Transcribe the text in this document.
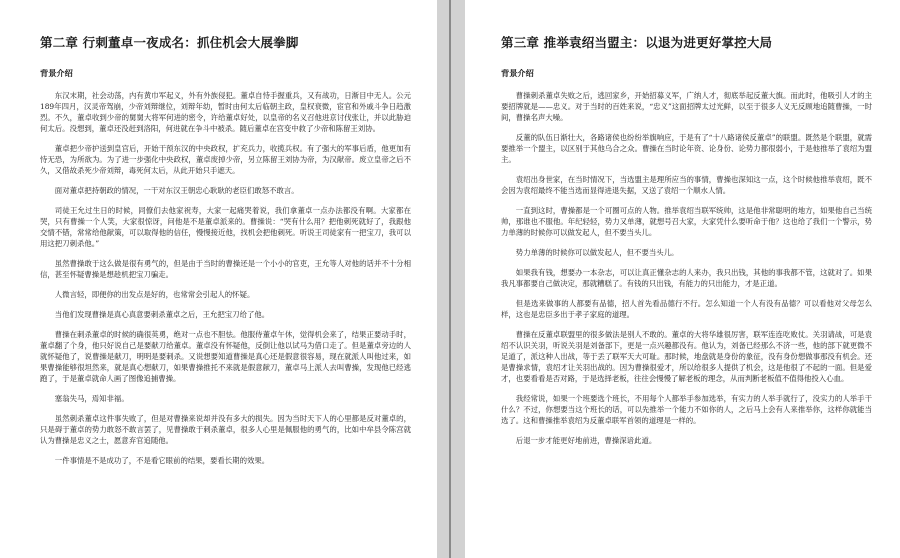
第二章 行刺董卓一夜成名：抓住机会大展拳脚
背景介绍

东汉末期，社会动荡，内有黄巾军起义，外有外族侵犯。董卓自恃手握重兵，又有战功，日渐目中无人。公元189年四月，汉灵帝驾崩，少帝刘辩继位，刘辩年幼，暂时由何太后临朝主政，皇权衰微，宦官和外戚斗争日趋激烈。不久，董卓收到少帝的舅舅大将军何进的密令，许给董卓好处，以皇帝的名义召他进京讨伐张让，并以此胁迫何太后。没想到，董卓还没赶到洛阳，何进就在争斗中被杀。随后董卓在宫变中救了少帝和陈留王刘协。

董卓把少帝护送到皇宫后，开始干预东汉的中央政权，扩充兵力，收揽兵权。有了强大的军事后盾，他更加有恃无恐，为所欲为。为了进一步强化中央政权，董卓废掉少帝，另立陈留王刘协为帝，为汉献帝。废立皇帝之后不久，又借故杀死少帝刘辩，毒死何太后，从此开始只手遮天。

面对董卓把持朝政的情况，一干对东汉王朝忠心耿耿的老臣们敢怒不敢言。

司徒王允过生日的时候，同僚们去他家祝寿，大家一起痛哭着说，我们拿董卓一点办法都没有啊。大家都在哭，只有曹操一个人笑，大家很惊讶，问他是不是董卓派来的。曹操说：“哭有什么用？把他刺死就好了，我跟他交情不错，常常给他献策，可以取得他的信任，慢慢接近他，找机会把他刺死。听说王司徒家有一把宝刀，我可以用这把刀刺杀他。”

虽然曹操敢于这么做是很有勇气的，但是由于当时的曹操还是一个小小的官吏，王允等人对他的话并不十分相信，甚至怀疑曹操是想趁机把宝刀骗走。

人微言轻，即便你的出发点是好的，也常常会引起人的怀疑。

当他们发现曹操是真心真意要刺杀董卓之后，王允把宝刀给了他。

曹操在刺杀董卓的时候的确很英勇，绝对一点也不胆怯。他服侍董卓午休，觉得机会来了，结果正要动手时，董卓翻了个身，他只好说自己是要献刀给董卓。董卓没有怀疑他，反倒让他以试马为借口走了。但是董卓旁边的人就怀疑他了，说曹操是献刀，明明是要刺杀。又说想要知道曹操是真心还是假意很容易，现在就派人叫他过来，如果曹操能够很坦然来，就是真心想献刀，如果曹操推托不来就是假意献刀，董卓马上派人去叫曹操，发现他已经逃跑了，于是董卓就命人画了图像追捕曹操。

塞翁失马，焉知非福。

虽然刺杀董卓这件事失败了，但是对曹操来说却并没有多大的损失。因为当时天下人的心里都是反对董卓的，只是碍于董卓的势力敢怒不敢言罢了，见曹操敢于刺杀董卓，很多人心里是佩服他的勇气的，比如中牟县令陈宫就认为曹操是忠义之士，愿意弃官追随他。

一件事情是不是成功了，不是看它眼前的结果，要看长期的效果。

第三章 推举袁绍当盟主：以退为进更好掌控大局
背景介绍

曹操刺杀董卓失败之后，逃回家乡，开始招募义军，广纳人才，彻底举起反董大旗。而此时，他吸引人才的主要招牌就是——忠义。对于当时的百姓来说，“忠义”这面招牌太过光鲜，以至于很多人义无反顾地追随曹操，一时间，曹操名声大噪。

反董的队伍日渐壮大，各路诸侯也纷纷举旗响应，于是有了“十八路诸侯反董卓”的联盟。既然是个联盟，就需要推举一个盟主，以区别于其他乌合之众。曹操在当时论年资、论身份、论势力都很弱小，于是他推举了袁绍为盟主。

袁绍出身世家，在当时情况下，当选盟主是理所应当的事情，曹操也深知这一点，这个时候他推举袁绍，既不会因为袁绍最终不能当选而显得进退失据，又送了袁绍一个顺水人情。

一直到这时，曹操都是一个可圈可点的人物。推举袁绍当联军统帅，这是他非常聪明的地方，如果他自己当统帅，那谁也不服他。年纪轻轻，势力又单薄，就想号召大家，大家凭什么要听命于他？这也给了我们一个警示，势力单薄的时候你可以做发起人，但不要当头儿。

势力单薄的时候你可以做发起人，但不要当头儿。

如果我有钱，想要办一本杂志，可以让真正懂杂志的人来办，我只出钱，其他的事我都不管，这就对了。如果我凡事都要自己做决定，那就糟糕了。有钱的只出钱，有能力的只出能力，才是正道。

但是选来做事的人都要有品德，招人首先看品德行不行。怎么知道一个人有没有品德？可以看他对父母怎么样，这也是忠臣多出于孝子家庭的道理。

曹操在反董卓联盟里的很多做法是别人不敢的。董卓的大将华雄很厉害，联军连连吃败仗。关羽请战，可是袁绍不认识关羽，听说关羽是刘备部下，更是一点兴趣都没有。他认为，刘备已经那么不济一些，他的部下就更微不足道了，派这种人出战，等于丢了联军天大可耻。那时候，地盘就是身份的象征，没有身份想做事那没有机会。还是曹操求情，袁绍才让关羽出战的。因为曹操很爱才，所以给很多人提供了机会，这是他很了不起的一面。但是爱才，也要看看是否对路，于是选择老板，往往会慢慢了解老板的理念，从而判断老板值不值得他投入心血。

我经常说，如果一个班要选个班长，不用每个人都举手参加选举，有实力的人举手就行了，没实力的人举手干什么？不过，你想要当这个班长的话，可以先推举一个能力不如你的人，之后马上会有人来推举你，这样你就能当选了。这和曹操推举袁绍为反董卓联军首领的道理是一样的。

后退一步才能更好地前进，曹操深谙此道。
